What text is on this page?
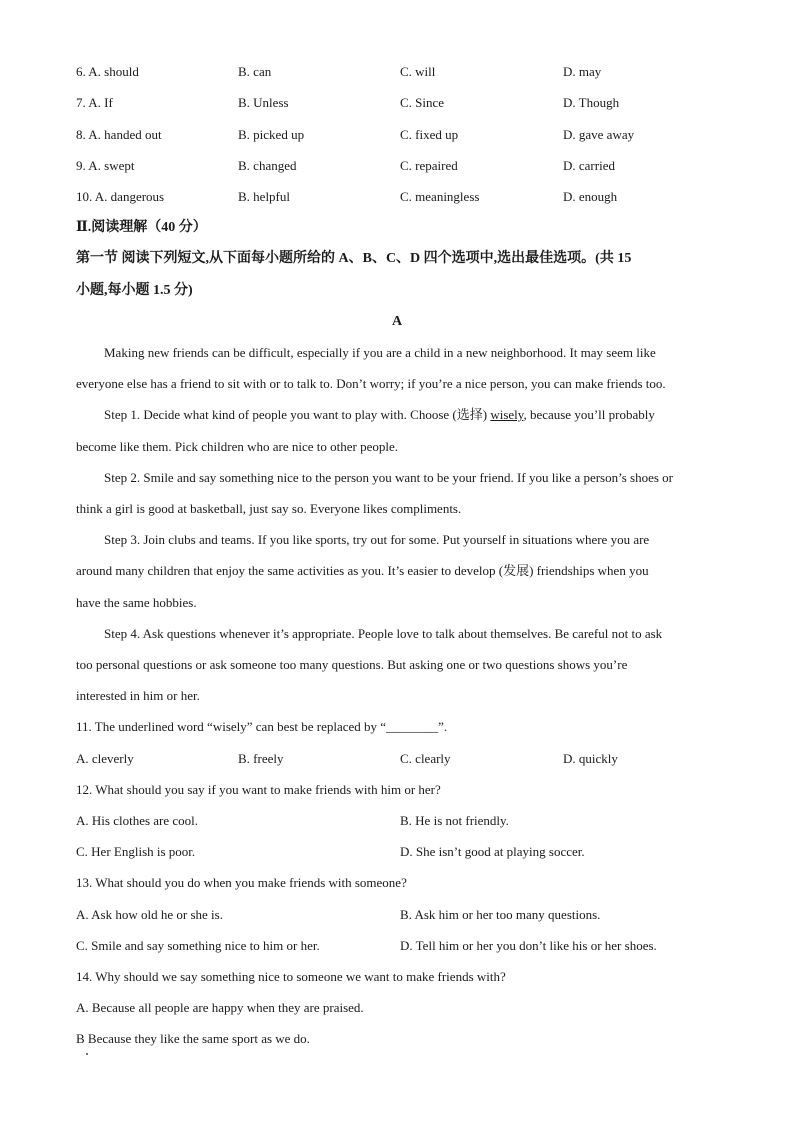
6. A. should	B. can	C. will	D. may
7. A. If	B. Unless	C. Since	D. Though
8. A. handed out	B. picked up	C. fixed up	D. gave away
9. A. swept	B. changed	C. repaired	D. carried
10. A. dangerous	B. helpful	C. meaningless	D. enough
Ⅱ.阅读理解（40 分）
第一节 阅读下列短文,从下面每小题所给的 A、B、C、D 四个选项中,选出最佳选项。(共 15
小题,每小题 1.5 分)
A
Making new friends can be difficult, especially if you are a child in a new neighborhood. It may seem like
everyone else has a friend to sit with or to talk to. Don’t worry; if you’re a nice person, you can make friends too.
Step 1. Decide what kind of people you want to play with. Choose (选择) wisely, because you’ll probably
become like them. Pick children who are nice to other people.
Step 2. Smile and say something nice to the person you want to be your friend. If you like a person’s shoes or
think a girl is good at basketball, just say so. Everyone likes compliments.
Step 3. Join clubs and teams. If you like sports, try out for some. Put yourself in situations where you are
around many children that enjoy the same activities as you. It’s easier to develop (发展) friendships when you
have the same hobbies.
Step 4. Ask questions whenever it’s appropriate. People love to talk about themselves. Be careful not to ask
too personal questions or ask someone too many questions. But asking one or two questions shows you’re
interested in him or her.
11. The underlined word “wisely” can best be replaced by “________”.
A. cleverly	B. freely	C. clearly	D. quickly
12. What should you say if you want to make friends with him or her?
A. His clothes are cool.	B. He is not friendly.
C. Her English is poor.	D. She isn’t good at playing soccer.
13. What should you do when you make friends with someone?
A. Ask how old he or she is.	B. Ask him or her too many questions.
C. Smile and say something nice to him or her.	D. Tell him or her you don’t like his or her shoes.
14. Why should we say something nice to someone we want to make friends with?
A. Because all people are happy when they are praised.
B Because they like the same sport as we do.
